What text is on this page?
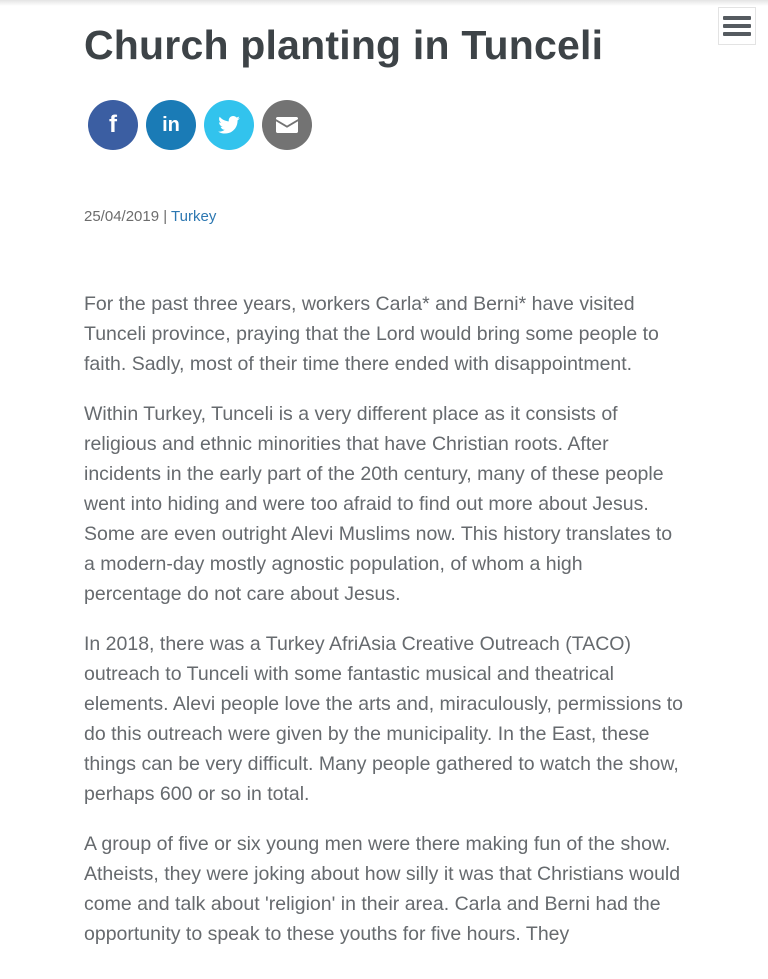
Church planting in Tunceli
f in
25/04/2019 | Turkey

For the past three years, workers Carla* and Berni* have visited Tunceli province, praying that the Lord would bring some people to faith. Sadly, most of their time there ended with disappointment.

Within Turkey, Tunceli is a very different place as it consists of religious and ethnic minorities that have Christian roots. After incidents in the early part of the 20th century, many of these people went into hiding and were too afraid to find out more about Jesus. Some are even outright Alevi Muslims now. This history translates to a modern-day mostly agnostic population, of whom a high percentage do not care about Jesus.

In 2018, there was a Turkey AfriAsia Creative Outreach (TACO) outreach to Tunceli with some fantastic musical and theatrical elements. Alevi people love the arts and, miraculously, permissions to do this outreach were given by the municipality. In the East, these things can be very difficult. Many people gathered to watch the show, perhaps 600 or so in total.

A group of five or six young men were there making fun of the show. Atheists, they were joking about how silly it was that Christians would come and talk about 'religion' in their area. Carla and Berni had the opportunity to speak to these youths for five hours. They
